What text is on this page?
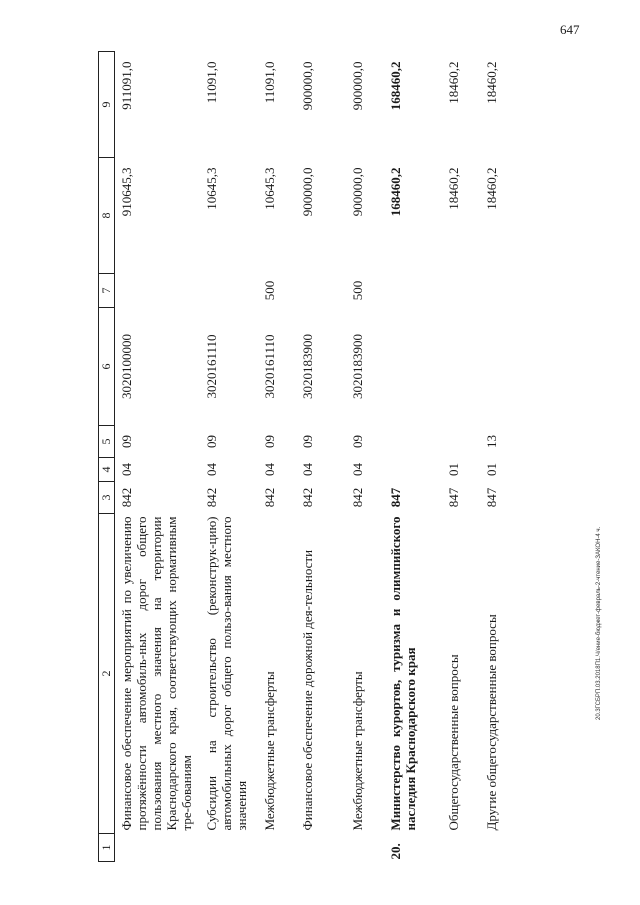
647
20.3ГСБРП.03.2018П1.Ч/ение-бюджет-февраль-2-чтение-ЗАКОН-4 ч.
1	2	3	4	5	6	7	8	9
	Финансовое обеспечение мероприятий по увеличению протяжённости автомобиль-ных дорог общего пользования местного значения на территории Краснодарского края, соответствующих нормативным тре-бованиям	842	04	09	3020100000		910645,3	911091,0
	Субсидии на строительство (реконструк-цию) автомобильных дорог общего пользо-вания местного значения	842	04	09	3020161110		10645,3	11091,0
	Межбюджетные трансферты	842	04	09	3020161110	500	10645,3	11091,0
	Финансовое обеспечение дорожной дея-тельности	842	04	09	3020183900		900000,0	900000,0
	Межбюджетные трансферты	842	04	09	3020183900	500	900000,0	900000,0
20.	Министерство курортов, туризма и олимпийского наследия Краснодарского края	847					168460,2	168460,2
	Общегосударственные вопросы	847	01				18460,2	18460,2
	Другие общегосударственные вопросы	847	01	13			18460,2	18460,2
